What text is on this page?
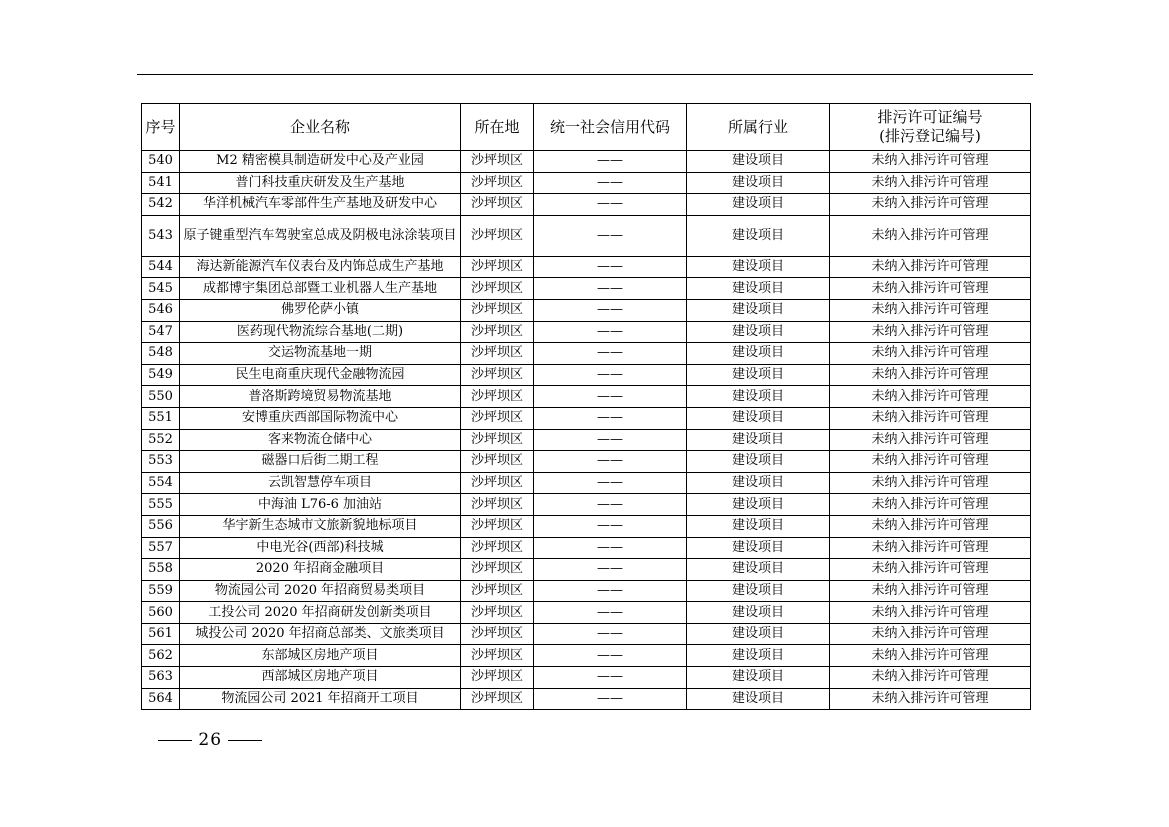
序号	企业名称	所在地	统一社会信用代码	所属行业	排污许可证编号
(排污登记编号)

540	M2 精密模具制造研发中心及产业园	沙坪坝区	——	建设项目	未纳入排污许可管理
541	普门科技重庆研发及生产基地	沙坪坝区	——	建设项目	未纳入排污许可管理
542	华洋机械汽车零部件生产基地及研发中心	沙坪坝区	——	建设项目	未纳入排污许可管理
543	原子键重型汽车驾驶室总成及阴极电泳涂装项目	沙坪坝区	——	建设项目	未纳入排污许可管理
544	海达新能源汽车仪表台及内饰总成生产基地	沙坪坝区	——	建设项目	未纳入排污许可管理
545	成都博宇集团总部暨工业机器人生产基地	沙坪坝区	——	建设项目	未纳入排污许可管理
546	佛罗伦萨小镇	沙坪坝区	——	建设项目	未纳入排污许可管理
547	医药现代物流综合基地(二期)	沙坪坝区	——	建设项目	未纳入排污许可管理
548	交运物流基地一期	沙坪坝区	——	建设项目	未纳入排污许可管理
549	民生电商重庆现代金融物流园	沙坪坝区	——	建设项目	未纳入排污许可管理
550	普洛斯跨境贸易物流基地	沙坪坝区	——	建设项目	未纳入排污许可管理
551	安博重庆西部国际物流中心	沙坪坝区	——	建设项目	未纳入排污许可管理
552	客来物流仓储中心	沙坪坝区	——	建设项目	未纳入排污许可管理
553	磁器口后街二期工程	沙坪坝区	——	建设项目	未纳入排污许可管理
554	云凯智慧停车项目	沙坪坝区	——	建设项目	未纳入排污许可管理
555	中海油 L76-6 加油站	沙坪坝区	——	建设项目	未纳入排污许可管理
556	华宇新生态城市文旅新貌地标项目	沙坪坝区	——	建设项目	未纳入排污许可管理
557	中电光谷(西部)科技城	沙坪坝区	——	建设项目	未纳入排污许可管理
558	2020 年招商金融项目	沙坪坝区	——	建设项目	未纳入排污许可管理
559	物流园公司 2020 年招商贸易类项目	沙坪坝区	——	建设项目	未纳入排污许可管理
560	工投公司 2020 年招商研发创新类项目	沙坪坝区	——	建设项目	未纳入排污许可管理
561	城投公司 2020 年招商总部类、文旅类项目	沙坪坝区	——	建设项目	未纳入排污许可管理
562	东部城区房地产项目	沙坪坝区	——	建设项目	未纳入排污许可管理
563	西部城区房地产项目	沙坪坝区	——	建设项目	未纳入排污许可管理
564	物流园公司 2021 年招商开工项目	沙坪坝区	——	建设项目	未纳入排污许可管理
26
